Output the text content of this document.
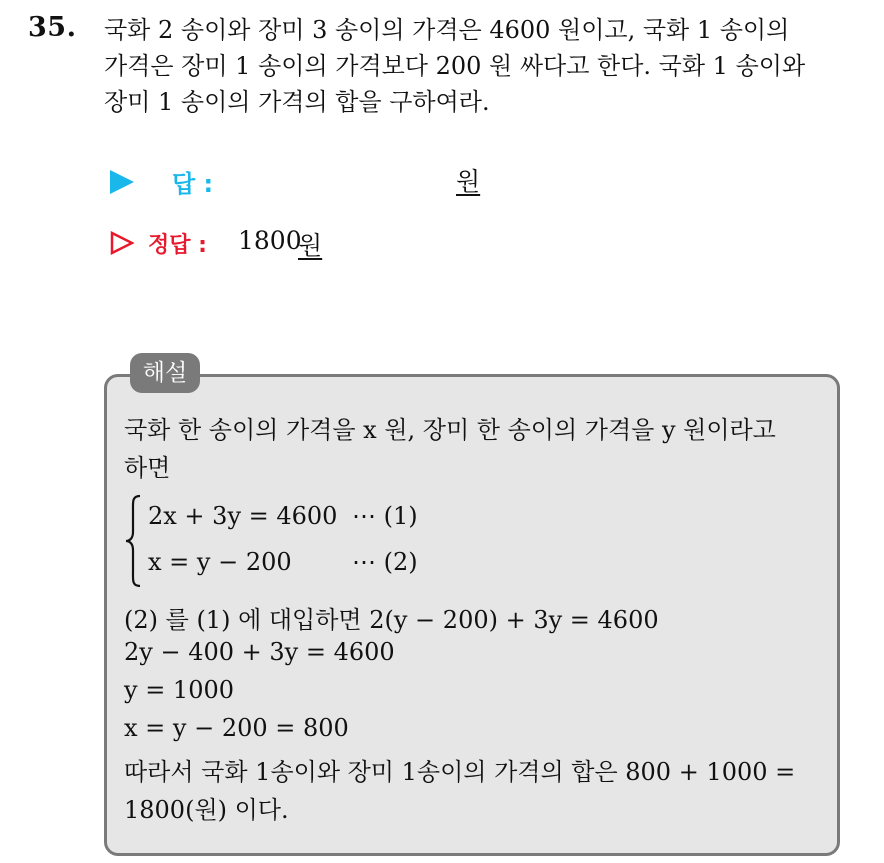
35. 국화 2 송이와 장미 3 송이의 가격은 4600 원이고, 국화 1 송이의
가격은 장미 1 송이의 가격보다 200 원 싸다고 한다. 국화 1 송이와
장미 1 송이의 가격의 합을 구하여라.

답 :	원
정답 : 1800
원
해설
국화 한 송이의 가격을 x 원, 장미 한 송이의 가격을 y 원이라고
하면
2x + 3y = 4600 ⋯ (1)
x = y − 200	⋯ (2)
(2) 를 (1) 에 대입하면 2(y − 200) + 3y = 4600
2y − 400 + 3y = 4600
y = 1000
x = y − 200 = 800
따라서 국화 1송이와 장미 1송이의 가격의 합은 800 + 1000 =
1800(원) 이다.
